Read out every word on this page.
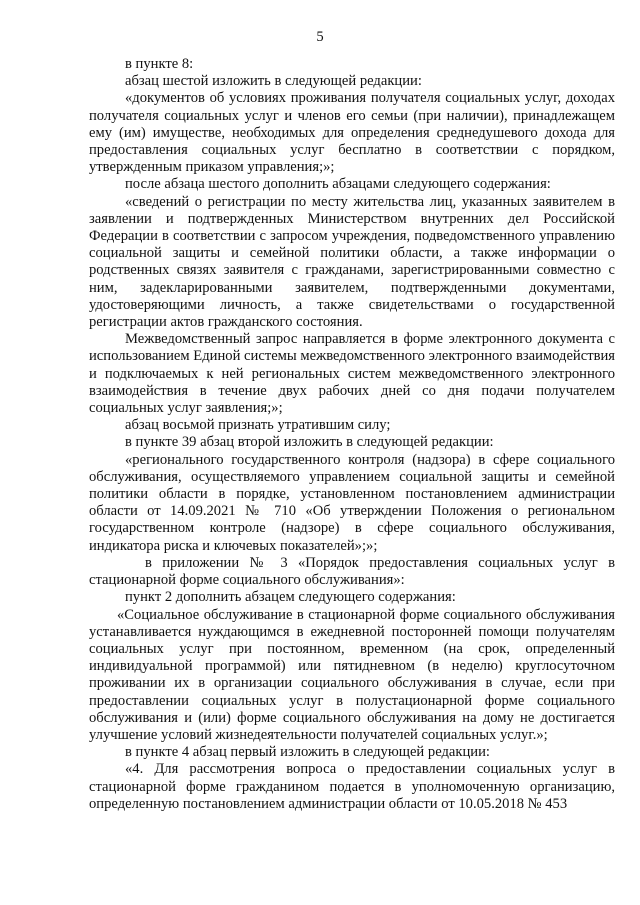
5

в пункте 8:

абзац шестой изложить в следующей редакции:

«документов об условиях проживания получателя социальных услуг, доходах получателя социальных услуг и членов его семьи (при наличии), принадлежащем ему (им) имуществе, необходимых для определения среднедушевого дохода для предоставления социальных услуг бесплатно в соответствии с порядком, утвержденным приказом управления;»;

после абзаца шестого дополнить абзацами следующего содержания:

«сведений о регистрации по месту жительства лиц, указанных заявителем в заявлении и подтвержденных Министерством внутренних дел Российской Федерации в соответствии с запросом учреждения, подведомственного управлению социальной защиты и семейной политики области, а также информации о родственных связях заявителя с гражданами, зарегистрированными совместно с ним, задекларированными заявителем, подтвержденными документами, удостоверяющими личность, а также свидетельствами о государственной регистрации актов гражданского состояния.

Межведомственный запрос направляется в форме электронного документа с использованием Единой системы межведомственного электронного взаимодействия и подключаемых к ней региональных систем межведомственного электронного взаимодействия в течение двух рабочих дней со дня подачи получателем социальных услуг заявления;»;

абзац восьмой признать утратившим силу;

в пункте 39 абзац второй изложить в следующей редакции:

«регионального государственного контроля (надзора) в сфере социального обслуживания, осуществляемого управлением социальной защиты и семейной политики области в порядке, установленном постановлением администрации области от 14.09.2021 № 710 «Об утверждении Положения о региональном государственном контроле (надзоре) в сфере социального обслуживания, индикатора риска и ключевых показателей»;»;

в приложении № 3 «Порядок предоставления социальных услуг в стационарной форме социального обслуживания»:

пункт 2 дополнить абзацем следующего содержания:

«Социальное обслуживание в стационарной форме социального обслуживания устанавливается нуждающимся в ежедневной посторонней помощи получателям социальных услуг при постоянном, временном (на срок, определенный индивидуальной программой) или пятидневном (в неделю) круглосуточном проживании их в организации социального обслуживания в случае, если при предоставлении социальных услуг в полустационарной форме социального обслуживания и (или) форме социального обслуживания на дому не достигается улучшение условий жизнедеятельности получателей социальных услуг.»;

в пункте 4 абзац первый изложить в следующей редакции:

«4. Для рассмотрения вопроса о предоставлении социальных услуг в стационарной форме гражданином подается в уполномоченную организацию, определенную постановлением администрации области от 10.05.2018 № 453
